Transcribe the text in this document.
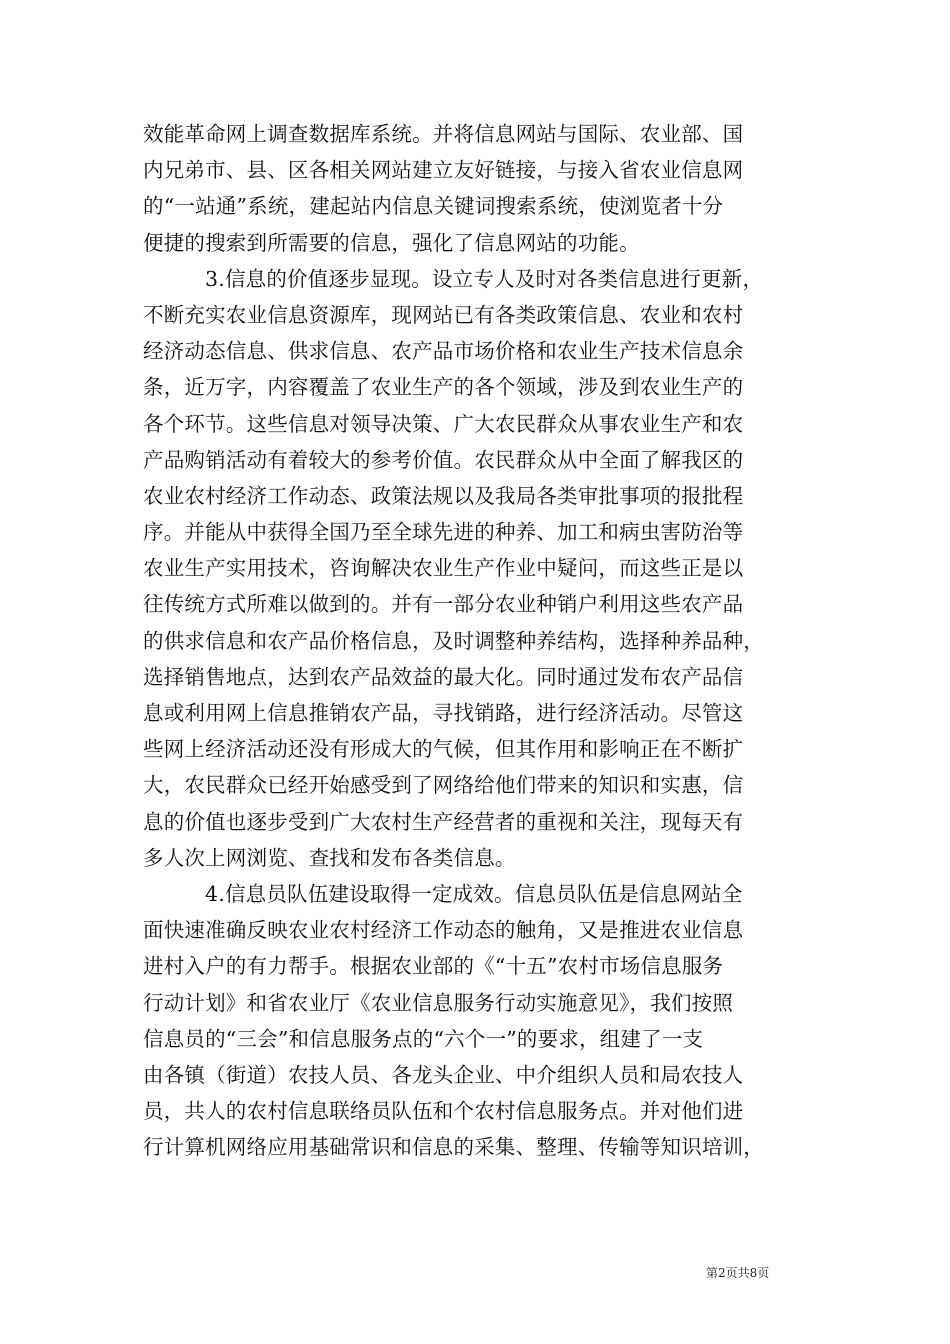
效能革命网上调查数据库系统。并将信息网站与国际、农业部、国
内兄弟市、县、区各相关网站建立友好链接，与接入省农业信息网
的“一站通”系统，建起站内信息关键词搜索系统，使浏览者十分
便捷的搜索到所需要的信息，强化了信息网站的功能。
3.信息的价值逐步显现。设立专人及时对各类信息进行更新，
不断充实农业信息资源库，现网站已有各类政策信息、农业和农村
经济动态信息、供求信息、农产品市场价格和农业生产技术信息余
条，近万字，内容覆盖了农业生产的各个领域，涉及到农业生产的
各个环节。这些信息对领导决策、广大农民群众从事农业生产和农
产品购销活动有着较大的参考价值。农民群众从中全面了解我区的
农业农村经济工作动态、政策法规以及我局各类审批事项的报批程
序。并能从中获得全国乃至全球先进的种养、加工和病虫害防治等
农业生产实用技术，咨询解决农业生产作业中疑问，而这些正是以
往传统方式所难以做到的。并有一部分农业种销户利用这些农产品
的供求信息和农产品价格信息，及时调整种养结构，选择种养品种，
选择销售地点，达到农产品效益的最大化。同时通过发布农产品信
息或利用网上信息推销农产品，寻找销路，进行经济活动。尽管这
些网上经济活动还没有形成大的气候，但其作用和影响正在不断扩
大，农民群众已经开始感受到了网络给他们带来的知识和实惠，信
息的价值也逐步受到广大农村生产经营者的重视和关注，现每天有
多人次上网浏览、查找和发布各类信息。
4.信息员队伍建设取得一定成效。信息员队伍是信息网站全
面快速准确反映农业农村经济工作动态的触角，又是推进农业信息
进村入户的有力帮手。根据农业部的《“十五”农村市场信息服务
行动计划》和省农业厅《农业信息服务行动实施意见》，我们按照
信息员的“三会”和信息服务点的“六个一”的要求，组建了一支
由各镇（街道）农技人员、各龙头企业、中介组织人员和局农技人
员，共人的农村信息联络员队伍和个农村信息服务点。并对他们进
行计算机网络应用基础常识和信息的采集、整理、传输等知识培训，
第2页共8页
